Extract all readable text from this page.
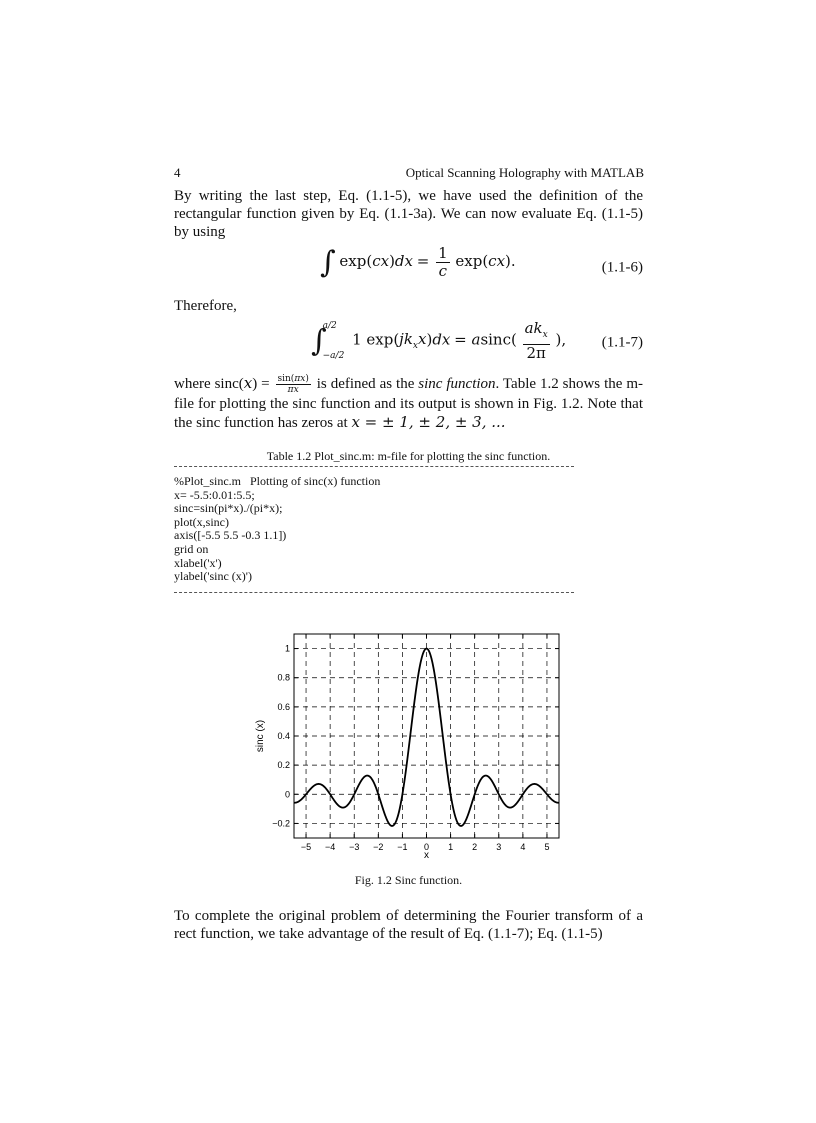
4	Optical Scanning Holography with MATLAB
By writing the last step, Eq. (1.1-5), we have used the definition of the rectangular function given by Eq. (1.1-3a). We can now evaluate Eq. (1.1-5) by using
∫ $\exp(cx)dx = \frac{1}{c} \exp(cx)$.	(1.1-6)
Therefore,
∫
a/2
−a/2
1 $\exp(jk_xx)dx = asinc( \frac{ak_x}{2\pi}$ ), (1.1-7)
where $\sin c(x) = \frac{\sin(\pi x)}{\pi x}$ is defined as the sinc function. Table 1.2 shows the m-file for plotting the sinc function and its output is shown in Fig. 1.2. Note that the sinc function has zeros at x = ± 1, ± 2, ± 3, ...
Table 1.2 Plot_sinc.m: m-file for plotting the sinc function.
%Plot_sinc.m   Plotting of sinc(x) function
x= -5.5:0.01:5.5;
sinc=sin(pi*x)./(pi*x);
plot(x,sinc)
axis([-5.5 5.5 -0.3 1.1])
grid on
xlabel('x')
ylabel('sinc (x)')
−5 −4 −3 −2 −1 0 1 2 3 4 5
−0.2
0
0.2
0.4
0.6
0.8
1
x
sinc (x)
Fig. 1.2 Sinc function.
To complete the original problem of determining the Fourier transform of a rect function, we take advantage of the result of Eq. (1.1-7); Eq. (1.1-5)
